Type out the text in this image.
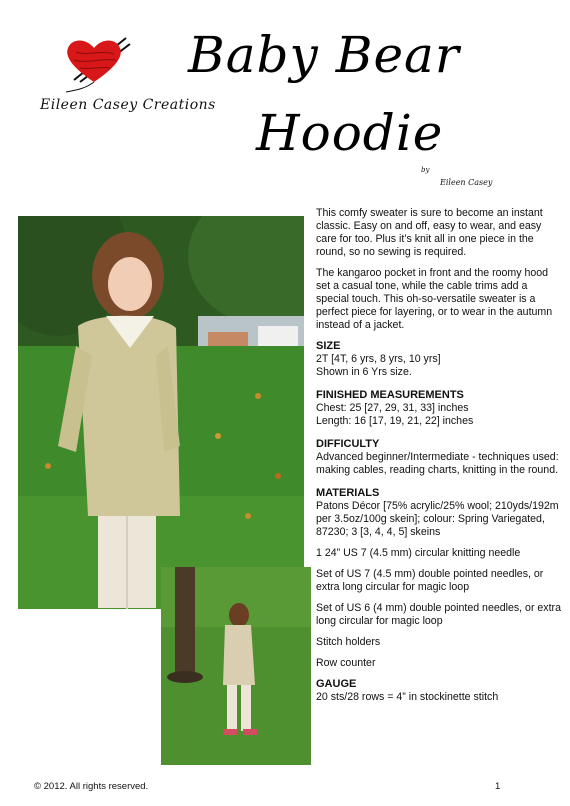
Eileen Casey Creations
Baby Bear
Hoodie
by
Eileen Casey

This comfy sweater is sure to become an instant classic. Easy on and off, easy to wear, and easy care for too. Plus it’s knit all in one piece in the round, so no sewing is required.

The kangaroo pocket in front and the roomy hood set a casual tone, while the cable trims add a special touch. This oh-so-versatile sweater is a perfect piece for layering, or to wear in the autumn instead of a jacket.

SIZE
2T [4T, 6 yrs, 8 yrs, 10 yrs]
Shown in 6 Yrs size.
FINISHED MEASUREMENTS
Chest: 25 [27, 29, 31, 33] inches
Length: 16 [17, 19, 21, 22] inches
DIFFICULTY
Advanced beginner/Intermediate - techniques used: making cables, reading charts, knitting in the round.
MATERIALS

Patons Décor [75% acrylic/25% wool; 210yds/192m per 3.5oz/100g skein]; colour: Spring Variegated, 87230; 3 [3, 4, 4, 5] skeins

1 24” US 7 (4.5 mm) circular knitting needle

Set of US 7 (4.5 mm) double pointed needles, or extra long circular for magic loop

Set of US 6 (4 mm) double pointed needles, or extra long circular for magic loop

Stitch holders

Row counter

GAUGE
20 sts/28 rows = 4” in stockinette stitch
© 2012. All rights reserved.	1
